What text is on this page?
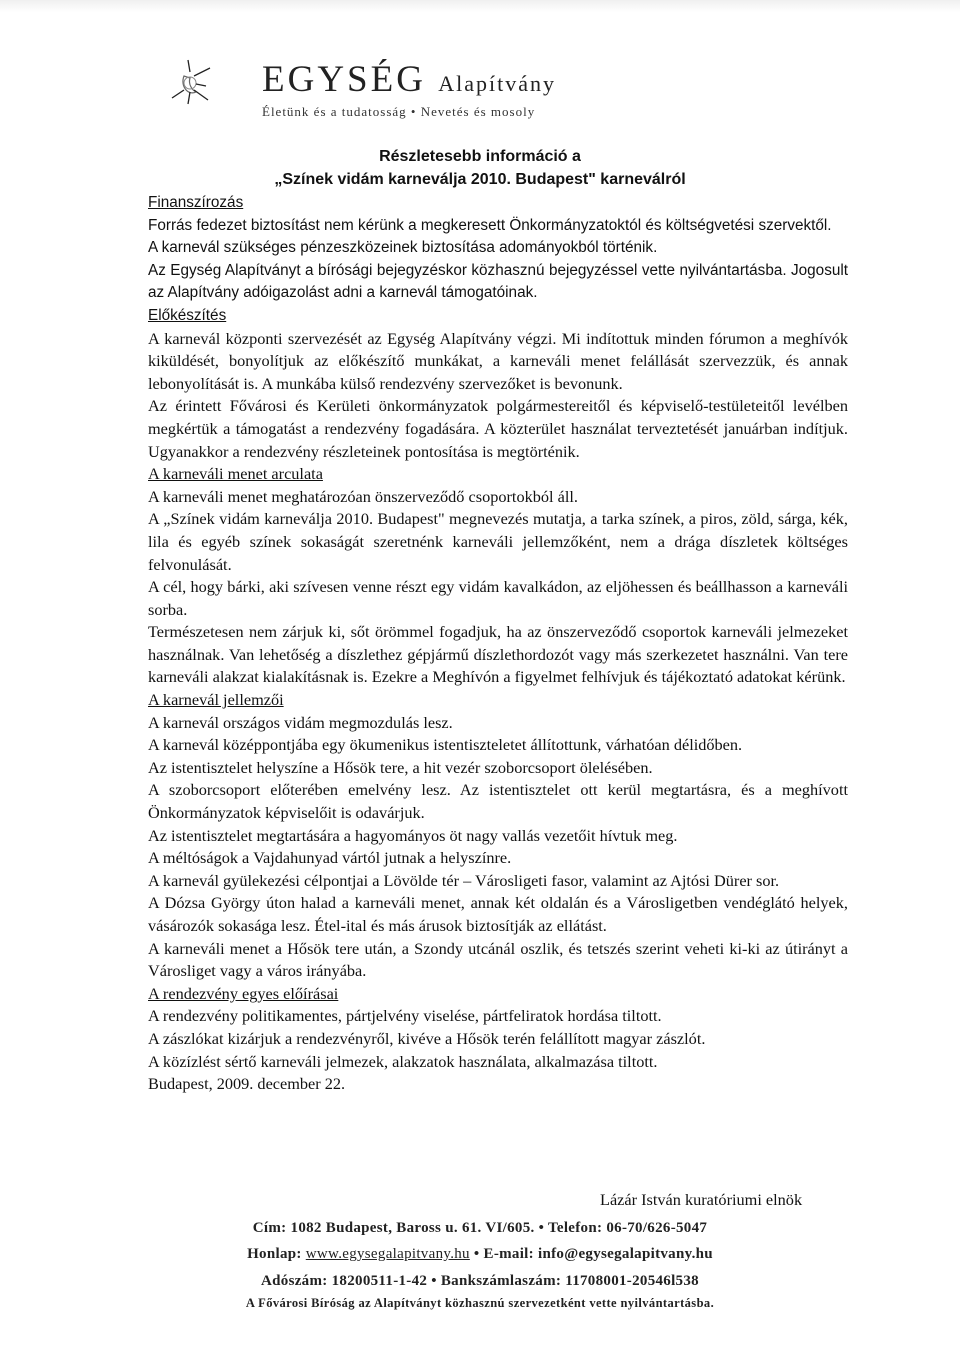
EGYSÉG Alapítvány
Életünk és a tudatosság • Nevetés és mosoly
Részletesebb információ a
„Színek vidám karneválja 2010. Budapest" karneválról

Finanszírozás

Forrás fedezet biztosítást nem kérünk a megkeresett Önkormányzatoktól és költségvetési szervektől.

A karnevál szükséges pénzeszközeinek biztosítása adományokból történik.

Az Egység Alapítványt a bírósági bejegyzéskor közhasznú bejegyzéssel vette nyilvántartásba. Jogosult az Alapítvány adóigazolást adni a karnevál támogatóinak.

Előkészítés

A karnevál központi szervezését az Egység Alapítvány végzi. Mi indítottuk minden fórumon a meghívók kiküldését, bonyolítjuk az előkészítő munkákat, a karneváli menet felállását szervezzük, és annak lebonyolítását is. A munkába külső rendezvény szervezőket is bevonunk.

Az érintett Fővárosi és Kerületi önkormányzatok polgármestereitől és képviselő-testületeitől levélben megkértük a támogatást a rendezvény fogadására. A közterület használat terveztetését januárban indítjuk. Ugyanakkor a rendezvény részleteinek pontosítása is megtörténik.

A karneváli menet arculata

A karneváli menet meghatározóan önszerveződő csoportokból áll.

A „Színek vidám karneválja 2010. Budapest" megnevezés mutatja, a tarka színek, a piros, zöld, sárga, kék, lila és egyéb színek sokaságát szeretnénk karneváli jellemzőként, nem a drága díszletek költséges felvonulását.

A cél, hogy bárki, aki szívesen venne részt egy vidám kavalkádon, az eljöhessen és beállhasson a karneváli sorba.

Természetesen nem zárjuk ki, sőt örömmel fogadjuk, ha az önszerveződő csoportok karneváli jelmezeket használnak. Van lehetőség a díszlethez gépjármű díszlethordozót vagy más szerkezetet használni. Van tere karneváli alakzat kialakításnak is. Ezekre a Meghívón a figyelmet felhívjuk és tájékoztató adatokat kérünk.

A karnevál jellemzői

A karnevál országos vidám megmozdulás lesz.

A karnevál középpontjába egy ökumenikus istentiszteletet állítottunk, várhatóan délidőben.

Az istentisztelet helyszíne a Hősök tere, a hit vezér szoborcsoport ölelésében.

A szoborcsoport előterében emelvény lesz. Az istentisztelet ott kerül megtartásra, és a meghívott Önkormányzatok képviselőit is odavárjuk.

Az istentisztelet megtartására a hagyományos öt nagy vallás vezetőit hívtuk meg.

A méltóságok a Vajdahunyad vártól jutnak a helyszínre.

A karnevál gyülekezési célpontjai a Lövölde tér – Városligeti fasor, valamint az Ajtósi Dürer sor.

A Dózsa György úton halad a karneváli menet, annak két oldalán és a Városligetben vendéglátó helyek, vásározók sokasága lesz. Étel-ital és más árusok biztosítják az ellátást.

A karneváli menet a Hősök tere után, a Szondy utcánál oszlik, és tetszés szerint veheti ki-ki az útirányt a Városliget vagy a város irányába.

A rendezvény egyes előírásai

A rendezvény politikamentes, pártjelvény viselése, pártfeliratok hordása tiltott.

A zászlókat kizárjuk a rendezvényről, kivéve a Hősök terén felállított magyar zászlót.

A közízlést sértő karneváli jelmezek, alakzatok használata, alkalmazása tiltott.

Budapest, 2009. december 22.

Lázár István kuratóriumi elnök
Cím: 1082 Budapest, Baross u. 61. VI/605. • Telefon: 06-70/626-5047
Honlap: www.egysegalapitvany.hu • E-mail: info@egysegalapitvany.hu
Adószám: 18200511-1-42 • Bankszámlaszám: 11708001-20546l538
A Fővárosi Bíróság az Alapítványt közhasznú szervezetként vette nyilvántartásba.
